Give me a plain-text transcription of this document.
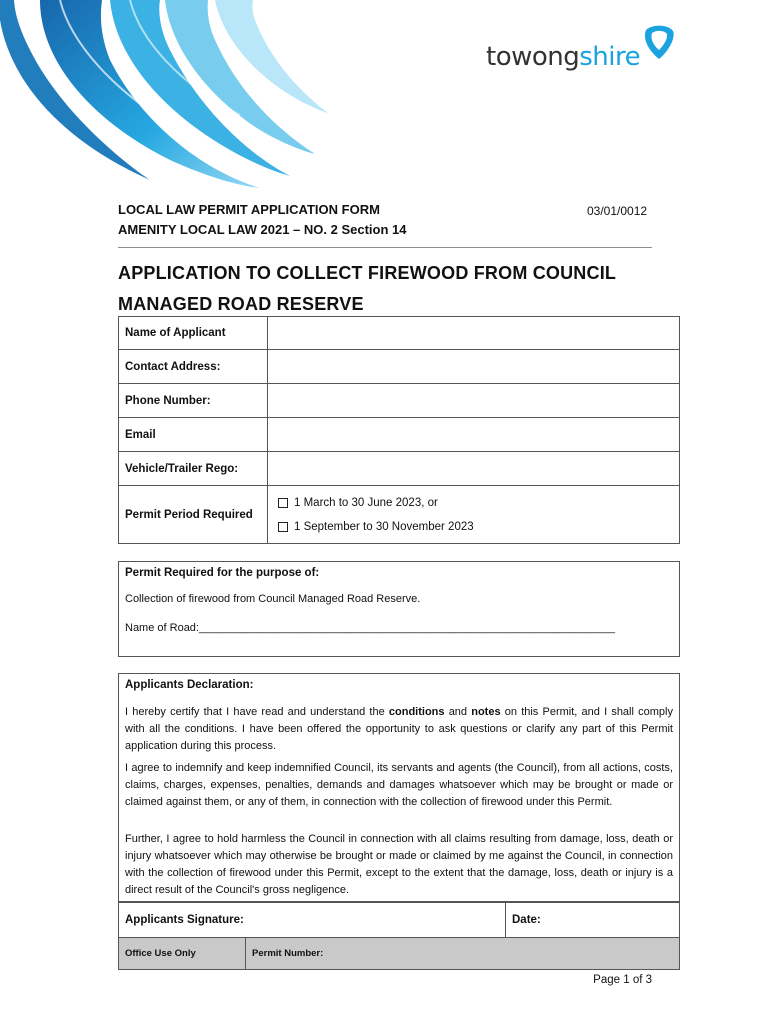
to wong shire
LOCAL LAW PERMIT APPLICATION FORM
AMENITY LOCAL LAW 2021 – NO. 2 Section 14
03/01/0012
APPLICATION TO COLLECT FIREWOOD FROM COUNCIL
MANAGED ROAD RESERVE
Name of Applicant	
Contact Address:	
Phone Number:	
Email	
Vehicle/Trailer Rego:	
Permit Period Required	1 March to 30 June 2023, or
1 September to 30 November 2023
Permit Required for the purpose of:
Collection of firewood from Council Managed Road Reserve.
Name of Road:____________________________________________________________________
Applicants Declaration:
I hereby certify that I have read and understand the conditions and notes on this Permit, and I shall comply with all the conditions. I have been offered the opportunity to ask questions or clarify any part of this Permit application during this process.
I agree to indemnify and keep indemnified Council, its servants and agents (the Council), from all actions, costs, claims, charges, expenses, penalties, demands and damages whatsoever which may be brought or made or claimed against them, or any of them, in connection with the collection of firewood under this Permit.
Further, I agree to hold harmless the Council in connection with all claims resulting from damage, loss, death or injury whatsoever which may otherwise be brought or made or claimed by me against the Council, in connection with the collection of firewood under this Permit, except to the extent that the damage, loss, death or injury is a direct result of the Council's gross negligence.
Applicants Signature:	Date:
Office Use Only	Permit Number:
Page 1 of 3
